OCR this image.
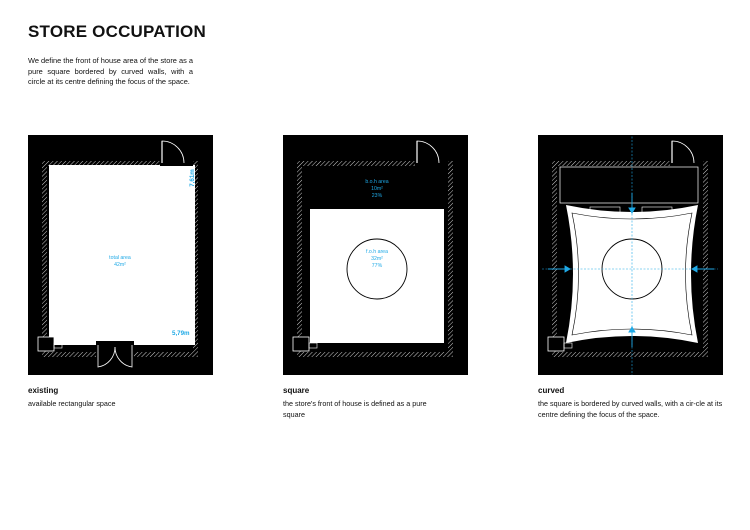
STORE OCCUPATION

We define the front of house area of the store as a pure square bordered by curved walls, with a circle at its centre defining the focus of the space.

total area
42m²
7,61m
5,79m
b.o.h area
10m²
23%
f.o.h area
32m²
77%

existing

available rectangular space

square

the store's front of house is defined as a pure square

curved

the square is bordered by curved walls, with a cir-cle at its centre defining the focus of the space.
